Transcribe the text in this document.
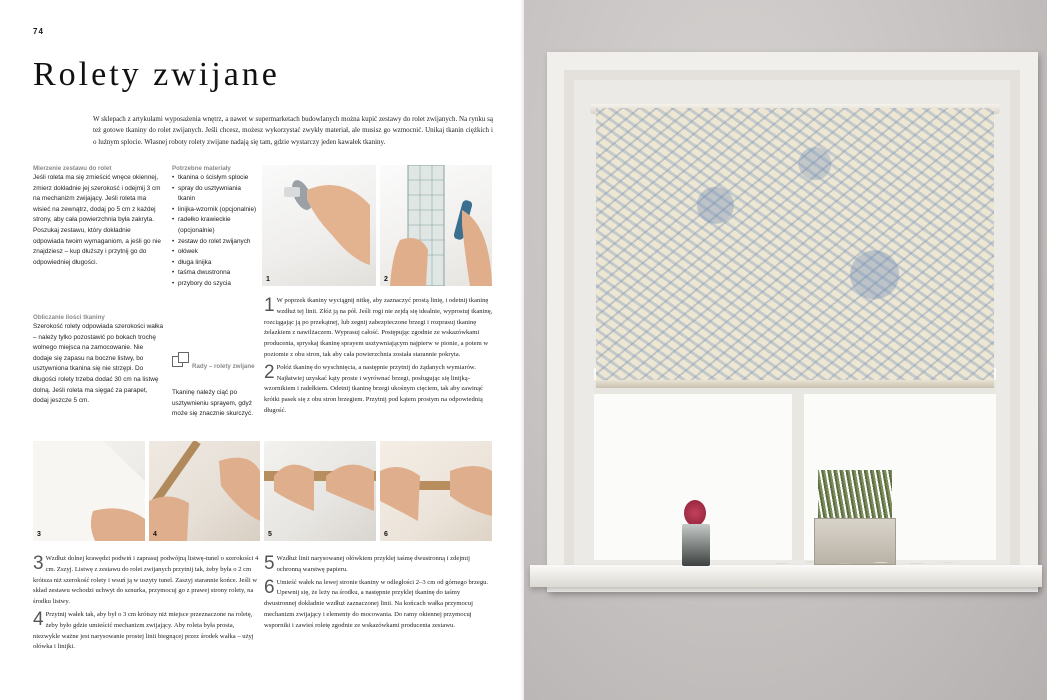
74
Rolety zwijane

W sklepach z artykułami wyposażenia wnętrz, a nawet w supermarketach budowlanych można kupić zestawy do rolet zwijanych. Na rynku są też gotowe tkaniny do rolet zwijanych. Jeśli chcesz, możesz wykorzystać zwykły materiał, ale musisz go wzmocnić. Unikaj tkanin ciężkich i o luźnym splocie. Własnej roboty rolety zwijane nadają się tam, gdzie wystarczy jeden kawałek tkaniny.

Mierzenie zestawu do rolet
Jeśli roleta ma się zmieścić wnęce okiennej, zmierz dokładnie jej szerokość i odejmij 3 cm na mechanizm zwijający. Jeśli roleta ma wisieć na zewnątrz, dodaj po 5 cm z każdej strony, aby cała powierzchnia była zakryta. Poszukaj zestawu, który dokładnie odpowiada twoim wymaganiom, a jeśli go nie znajdziesz – kup dłuższy i przytnij go do odpowiedniej długości.
Obliczanie ilości tkaniny
Szerokość rolety odpowiada szerokości wałka – należy tylko pozostawić po bokach trochę wolnego miejsca na zamocowanie. Nie dodaje się zapasu na boczne listwy, bo usztywniona tkanina się nie strzępi. Do długości rolety trzeba dodać 30 cm na listwę dolną. Jeśli roleta ma sięgać za parapet, dodaj jeszcze 5 cm.
Potrzebne materiały
• tkanina o ścisłym splocie
• spray do usztywniania tkanin
• linijka-wzornik (opcjonalnie)
• radełko krawieckie (opcjonalnie)
• zestaw do rolet zwijanych
• ołówek
• długa linijka
• taśma dwustronna
• przybory do szycia
Rady – rolety zwijane
Tkaninę należy ciąć po usztywnieniu sprayem, gdyż może się znacznie skurczyć.
1	2
1 W poprzek tkaniny wyciągnij nitkę, aby zaznaczyć prostą linię, i odetnij tkaninę wzdłuż tej linii. Złóż ją na pół. Jeśli rogi nie zejdą się idealnie, wyprostuj tkaninę, rozciągając ją po przekątnej, lub zegnij zabezpieczone brzegi i rozprasuj tkaninę żelazkiem z nawilżaczem. Wyprasuj całość. Postępując zgodnie ze wskazówkami producenta, spryskaj tkaninę sprayem usztywniającym najpierw w pionie, a potem w poziomie z obu stron, tak aby cała powierzchnia została starannie pokryta.
2 Połóż tkaninę do wyschnięcia, a następnie przytnij do żądanych wymiarów. Najłatwiej uzyskać kąty proste i wyrównać brzegi, posługując się linijką-wzornikiem i radełkiem. Odetnij tkaninę brzegi ukośnym cięciem, tak aby zawinąć krótki pasek się z obu stron brzegiem. Przytnij pod kątem prostym na odpowiednią długość.
3	4	5	6
3 Wzdłuż dolnej krawędzi podwiń i zaprasuj podwójną listwę-tunel o szerokości 4 cm. Zszyj. Listwę z zestawu do rolet zwijanych przytnij tak, żeby była o 2 cm krótsza niż szerokość rolety i wsuń ją w uszyty tunel. Zaszyj starannie końce. Jeśli w skład zestawu wchodzi uchwyt do sznurka, przymocuj go z prawej strony rolety, na środku listwy.
4 Przytnij wałek tak, aby był o 3 cm krótszy niż miejsce przeznaczone na roletę, żeby było gdzie umieścić mechanizm zwijający. Aby roleta była prosta, niezwykle ważne jest narysowanie prostej linii biegnącej przez środek wałka – użyj ołówka i linijki.
5 Wzdłuż linii narysowanej ołówkiem przyklej taśmę dwustronną i zdejmij ochronną warstwę papieru.
6 Umieść wałek na lewej stronie tkaniny w odległości 2–3 cm od górnego brzegu. Upewnij się, że leży na środku, a następnie przyklej tkaninę do taśmy dwustronnej dokładnie wzdłuż zaznaczonej linii. Na końcach wałka przymocuj mechanizm zwijający i elementy do mocowania. Do ramy okiennej przymocuj wsporniki i zawieś roletę zgodnie ze wskazówkami producenta zestawu.
